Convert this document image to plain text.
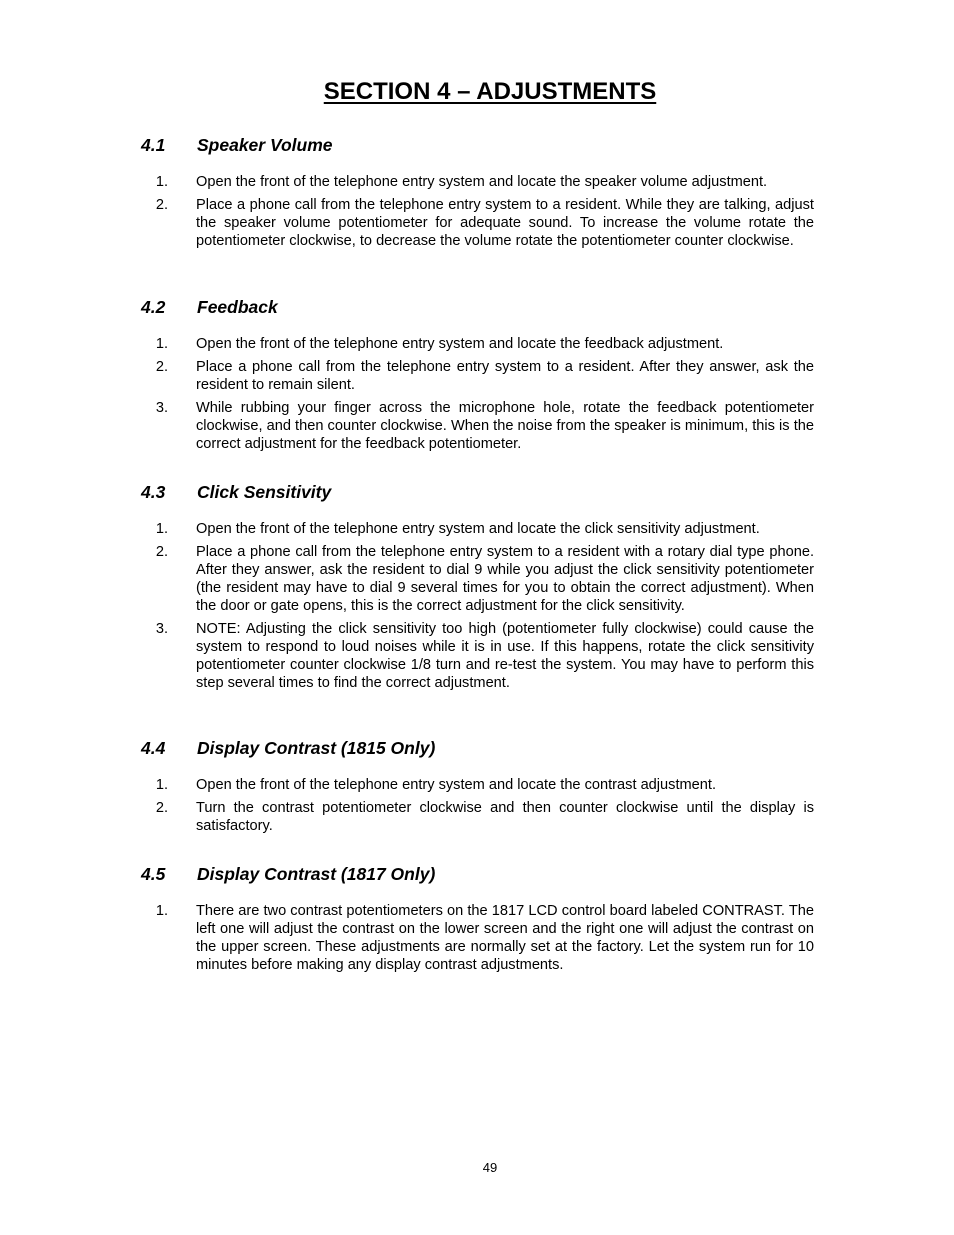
SECTION 4 – ADJUSTMENTS
4.1 Speaker Volume
1.	Open the front of the telephone entry system and locate the speaker volume adjustment.
2.	Place a phone call from the telephone entry system to a resident. While they are talking, adjust the speaker volume potentiometer for adequate sound. To increase the volume rotate the potentiometer clockwise, to decrease the volume rotate the potentiometer counter clockwise.
4.2 Feedback
1.	Open the front of the telephone entry system and locate the feedback adjustment.
2.	Place a phone call from the telephone entry system to a resident. After they answer, ask the resident to remain silent.
3.	While rubbing your finger across the microphone hole, rotate the feedback potentiometer clockwise, and then counter clockwise. When the noise from the speaker is minimum, this is the correct adjustment for the feedback potentiometer.
4.3 Click Sensitivity
1.	Open the front of the telephone entry system and locate the click sensitivity adjustment.
2.	Place a phone call from the telephone entry system to a resident with a rotary dial type phone. After they answer, ask the resident to dial 9 while you adjust the click sensitivity potentiometer (the resident may have to dial 9 several times for you to obtain the correct adjustment). When the door or gate opens, this is the correct adjustment for the click sensitivity.
3.	NOTE: Adjusting the click sensitivity too high (potentiometer fully clockwise) could cause the system to respond to loud noises while it is in use. If this happens, rotate the click sensitivity potentiometer counter clockwise 1/8 turn and re-test the system. You may have to perform this step several times to find the correct adjustment.
4.4 Display Contrast (1815 Only)
1.	Open the front of the telephone entry system and locate the contrast adjustment.
2.	Turn the contrast potentiometer clockwise and then counter clockwise until the display is satisfactory.
4.5 Display Contrast (1817 Only)
1.	There are two contrast potentiometers on the 1817 LCD control board labeled CONTRAST. The left one will adjust the contrast on the lower screen and the right one will adjust the contrast on the upper screen. These adjustments are normally set at the factory. Let the system run for 10 minutes before making any display contrast adjustments.
49
